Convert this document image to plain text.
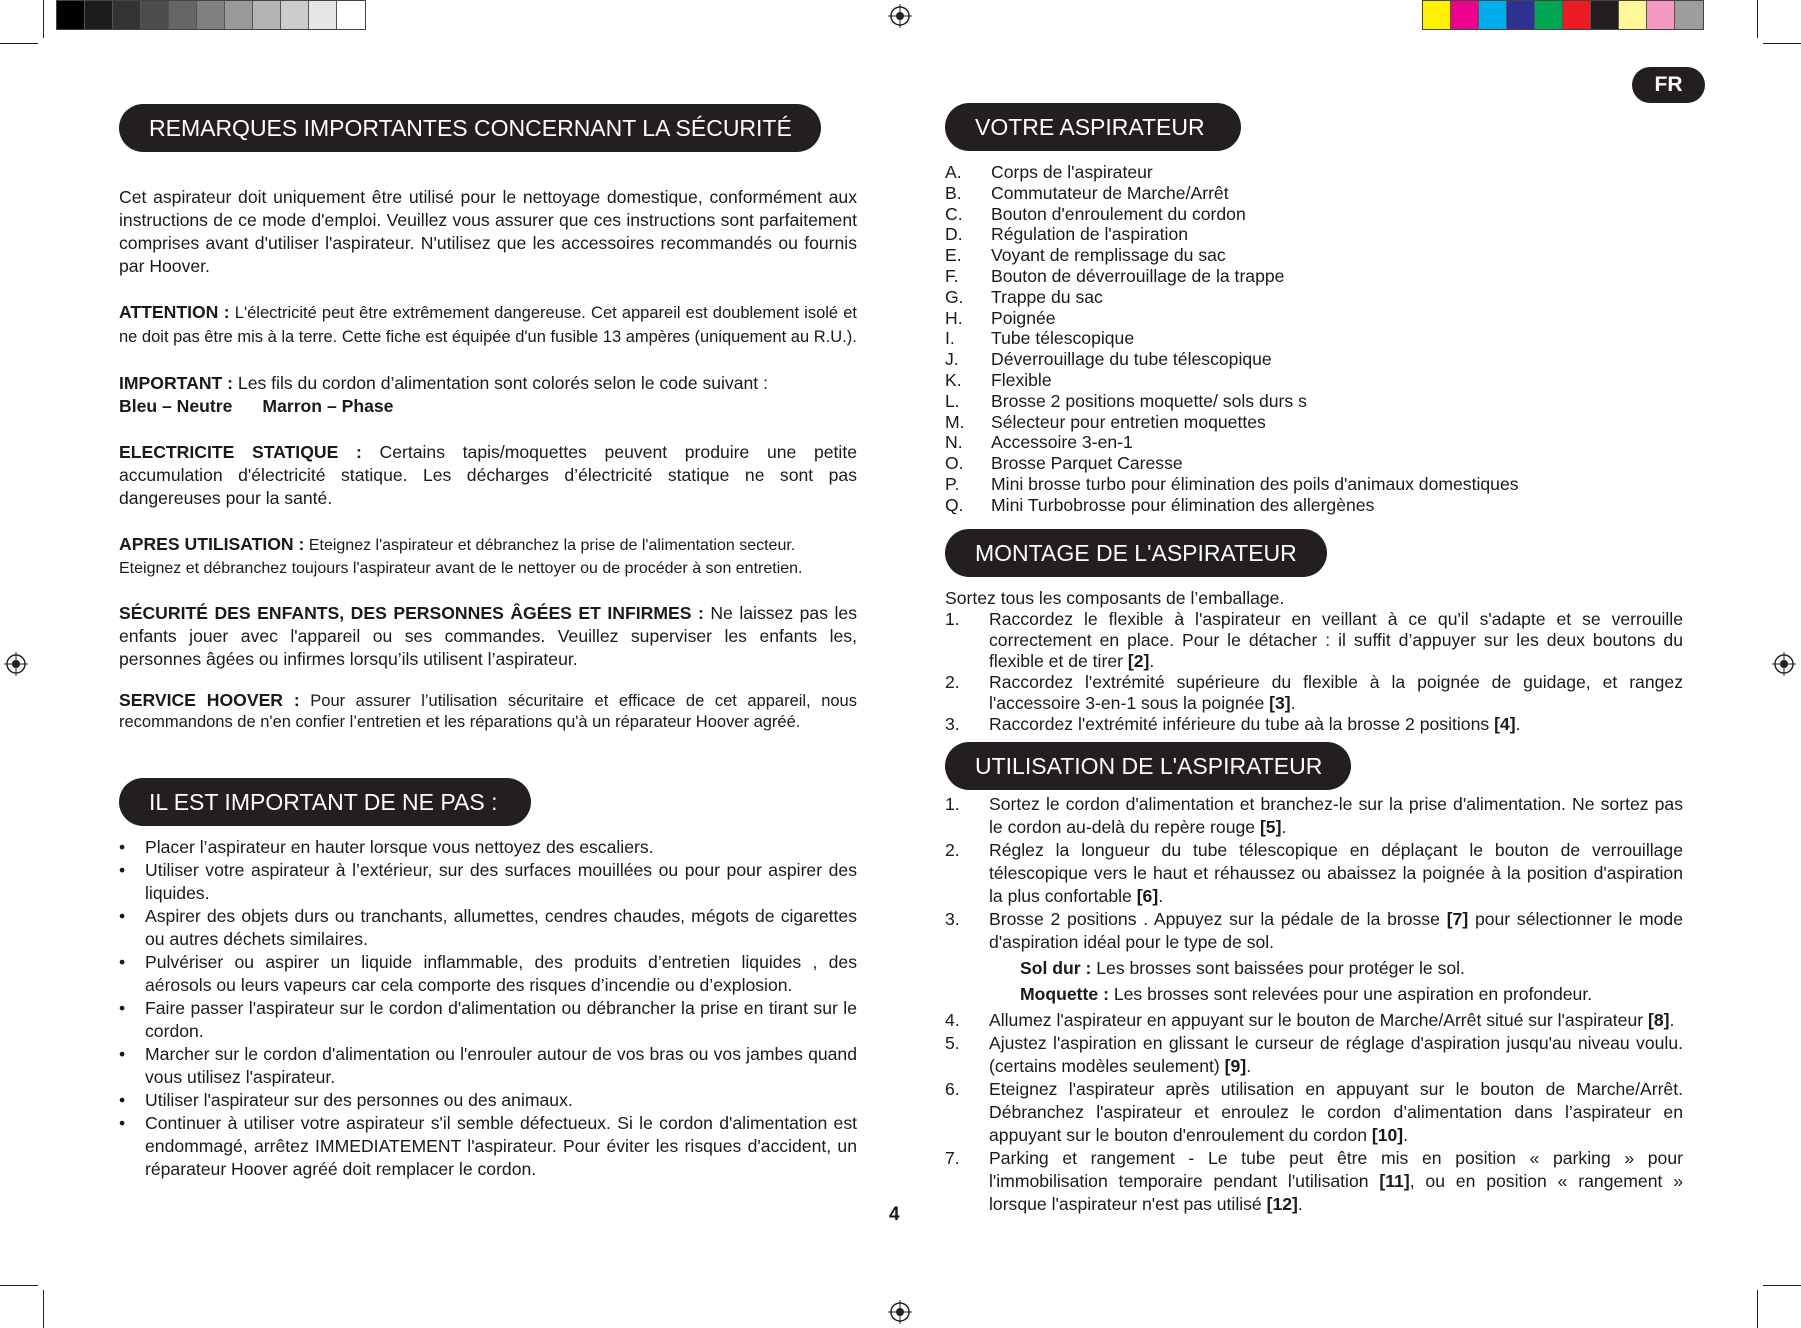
FR
REMARQUES IMPORTANTES CONCERNANT LA SÉCURITÉ

Cet aspirateur doit uniquement être utilisé pour le nettoyage domestique, conformément aux instructions de ce mode d'emploi. Veuillez vous assurer que ces instructions sont parfaitement comprises avant d'utiliser l'aspirateur. N'utilisez que les accessoires recommandés ou fournis par Hoover.

ATTENTION : L'électricité peut être extrêmement dangereuse. Cet appareil est doublement isolé et ne doit pas être mis à la terre. Cette fiche est équipée d'un fusible 13 ampères (uniquement au R.U.).

IMPORTANT : Les fils du cordon d’alimentation sont colorés selon le code suivant :

Bleu – Neutre Marron – Phase

ELECTRICITE STATIQUE : Certains tapis/moquettes peuvent produire une petite accumulation d'électricité statique. Les décharges d’électricité statique ne sont pas dangereuses pour la santé.

APRES UTILISATION : Eteignez l'aspirateur et débranchez la prise de l'alimentation secteur.
Eteignez et débranchez toujours l'aspirateur avant de le nettoyer ou de procéder à son entretien.

SÉCURITÉ DES ENFANTS, DES PERSONNES ÂGÉES ET INFIRMES : Ne laissez pas les enfants jouer avec l'appareil ou ses commandes. Veuillez superviser les enfants les, personnes âgées ou infirmes lorsqu’ils utilisent l’aspirateur.

SERVICE HOOVER : Pour assurer l’utilisation sécuritaire et efficace de cet appareil, nous recommandons de n'en confier l’entretien et les réparations qu'à un réparateur Hoover agréé.

IL EST IMPORTANT DE NE PAS :
• Placer l’aspirateur en hauter lorsque vous nettoyez des escaliers.
• Utiliser votre aspirateur à l’extérieur, sur des surfaces mouillées ou pour pour aspirer des liquides.
• Aspirer des objets durs ou tranchants, allumettes, cendres chaudes, mégots de cigarettes ou autres déchets similaires.
• Pulvériser ou aspirer un liquide inflammable, des produits d’entretien liquides , des aérosols ou leurs vapeurs car cela comporte des risques d’incendie ou d’explosion.
• Faire passer l'aspirateur sur le cordon d'alimentation ou débrancher la prise en tirant sur le cordon.
• Marcher sur le cordon d'alimentation ou l'enrouler autour de vos bras ou vos jambes quand vous utilisez l'aspirateur.
• Utiliser l'aspirateur sur des personnes ou des animaux.
• Continuer à utiliser votre aspirateur s'il semble défectueux. Si le cordon d'alimentation est endommagé, arrêtez IMMEDIATEMENT l'aspirateur. Pour éviter les risques d'accident, un réparateur Hoover agréé doit remplacer le cordon.
4
VOTRE ASPIRATEUR
A.	Corps de l'aspirateur
B.	Commutateur de Marche/Arrêt
C.	Bouton d'enroulement du cordon
D.	Régulation de l'aspiration
E.	Voyant de remplissage du sac
F.	Bouton de déverrouillage de la trappe
G.	Trappe du sac
H.	Poignée
I.	Tube télescopique
J.	Déverrouillage du tube télescopique
K.	Flexible
L.	Brosse 2 positions moquette/ sols durs s
M.	Sélecteur pour entretien moquettes
N.	Accessoire 3-en-1
O.	Brosse Parquet Caresse
P.	Mini brosse turbo pour élimination des poils d'animaux domestiques
Q.	Mini Turbobrosse pour élimination des allergènes
MONTAGE DE L'ASPIRATEUR
Sortez tous les composants de l’emballage.
1.	Raccordez le flexible à l'aspirateur en veillant à ce qu'il s'adapte et se verrouille correctement en place. Pour le détacher : il suffit d’appuyer sur les deux boutons du flexible et de tirer [2].
2.	Raccordez l'extrémité supérieure du flexible à la poignée de guidage, et rangez l'accessoire 3-en-1 sous la poignée [3].
3.	Raccordez l'extrémité inférieure du tube aà la brosse 2 positions [4].
UTILISATION DE L'ASPIRATEUR
1.	Sortez le cordon d'alimentation et branchez-le sur la prise d'alimentation. Ne sortez pas le cordon au-delà du repère rouge [5].
2.	Réglez la longueur du tube télescopique en déplaçant le bouton de verrouillage télescopique vers le haut et réhaussez ou abaissez la poignée à la position d'aspiration la plus confortable [6].
3.	Brosse 2 positions . Appuyez sur la pédale de la brosse [7] pour sélectionner le mode d'aspiration idéal pour le type de sol.
Sol dur : Les brosses sont baissées pour protéger le sol.
Moquette : Les brosses sont relevées pour une aspiration en profondeur.
4.	Allumez l'aspirateur en appuyant sur le bouton de Marche/Arrêt situé sur l'aspirateur [8].
5.	Ajustez l'aspiration en glissant le curseur de réglage d'aspiration jusqu'au niveau voulu. (certains modèles seulement) [9].
6.	Eteignez l'aspirateur après utilisation en appuyant sur le bouton de Marche/Arrêt. Débranchez l'aspirateur et enroulez le cordon d’alimentation dans l’aspirateur en appuyant sur le bouton d'enroulement du cordon [10].
7.	Parking et rangement - Le tube peut être mis en position « parking » pour l'immobilisation temporaire pendant l'utilisation [11], ou en position « rangement » lorsque l'aspirateur n'est pas utilisé [12].
